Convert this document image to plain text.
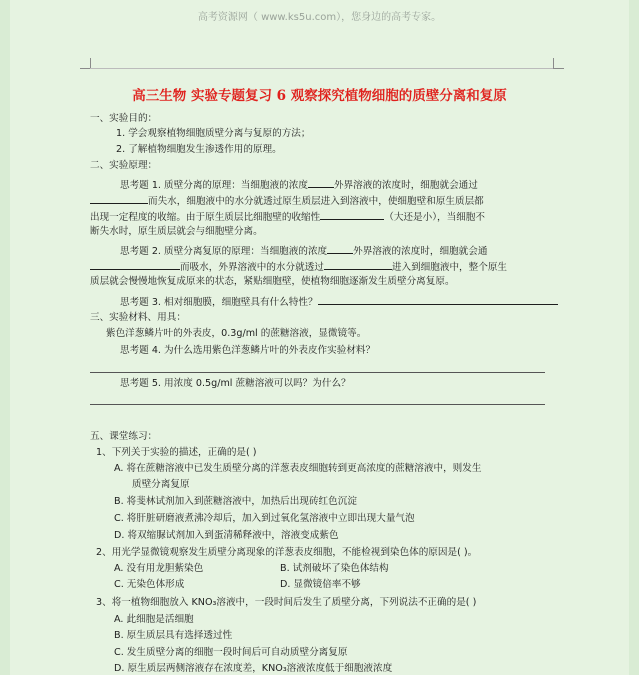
高考资源网（ www.ks5u.com），您身边的高考专家。
高三生物 实验专题复习 6 观察探究植物细胞的质壁分离和复原
一、实验目的：
1. 学会观察植物细胞质壁分离与复原的方法；
2. 了解植物细胞发生渗透作用的原理。
二、实验原理：
思考题 1. 质壁分离的原理：当细胞液的浓度	外界溶液的浓度时，细胞就会通过
而失水，细胞液中的水分就透过原生质层进入到溶液中，使细胞壁和原生质层都
出现一定程度的收缩。由于原生质层比细胞壁的收缩性	（大还是小），当细胞不
断失水时，原生质层就会与细胞壁分离。
思考题 2. 质壁分离复原的原理：当细胞液的浓度	外界溶液的浓度时，细胞就会通
而吸水，外界溶液中的水分就透过	进入到细胞液中，整个原生
质层就会慢慢地恢复成原来的状态，紧贴细胞壁，使植物细胞逐渐发生质壁分离复原。
思考题 3. 相对细胞膜，细胞壁具有什么特性？
三、实验材料、用具：
紫色洋葱鳞片叶的外表皮，0.3g/ml 的蔗糖溶液，显微镜等。
思考题 4. 为什么选用紫色洋葱鳞片叶的外表皮作实验材料？
思考题 5. 用浓度 0.5g/ml 蔗糖溶液可以吗？为什么？
五、课堂练习：
1、下列关于实验的描述，正确的是( )
A. 将在蔗糖溶液中已发生质壁分离的洋葱表皮细胞转到更高浓度的蔗糖溶液中，则发生
质壁分离复原
B. 将斐林试剂加入到蔗糖溶液中，加热后出现砖红色沉淀
C. 将肝脏研磨液煮沸冷却后，加入到过氧化氢溶液中立即出现大量气泡
D. 将双缩脲试剂加入到蛋清稀释液中，溶液变成紫色
2、用光学显微镜观察发生质壁分离现象的洋葱表皮细胞，不能检视到染色体的原因是( )。
A. 没有用龙胆紫染色	B. 试剂破坏了染色体结构
C. 无染色体形成	D. 显微镜倍率不够
3、将一植物细胞放入 KNO₃溶液中，一段时间后发生了质壁分离，下列说法不正确的是( )
A. 此细胞是活细胞
B. 原生质层具有选择透过性
C. 发生质壁分离的细胞一段时间后可自动质壁分离复原
D. 原生质层两侧溶液存在浓度差，KNO₃溶液浓度低于细胞液浓度
